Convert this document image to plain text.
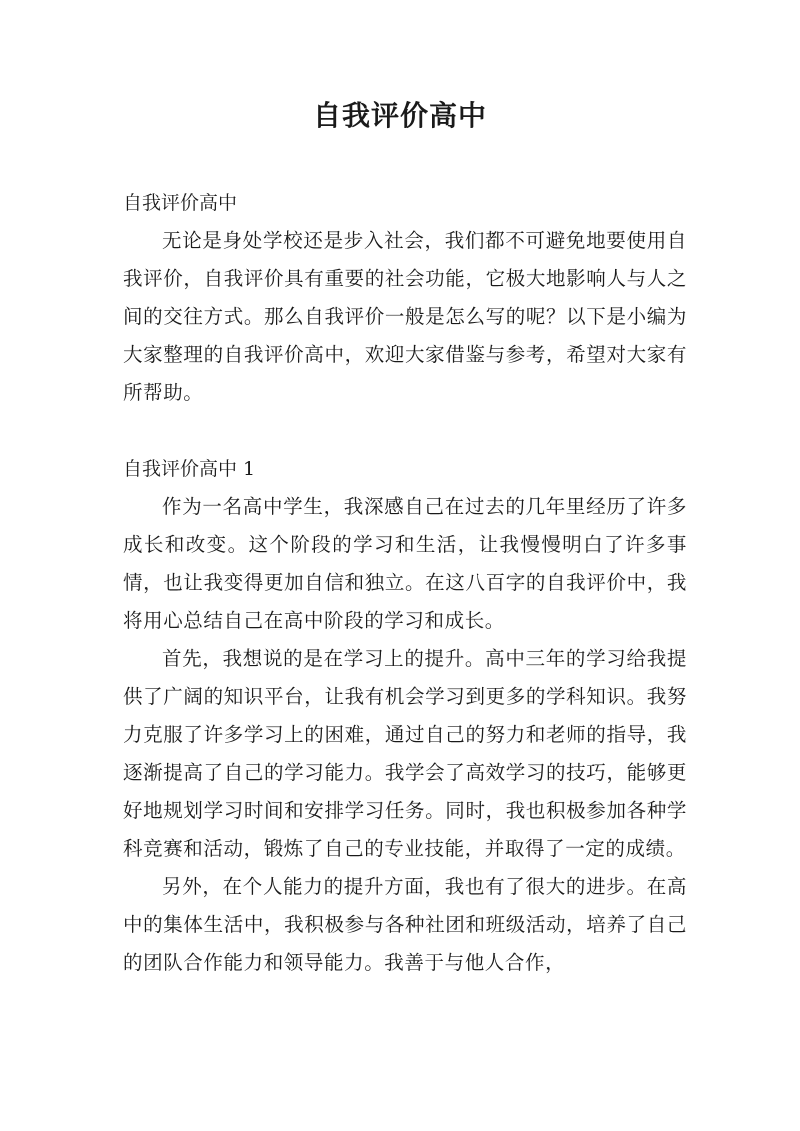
自我评价高中

自我评价高中

无论是身处学校还是步入社会，我们都不可避免地要使用自我评价，自我评价具有重要的社会功能，它极大地影响人与人之间的交往方式。那么自我评价一般是怎么写的呢？以下是小编为大家整理的自我评价高中，欢迎大家借鉴与参考，希望对大家有所帮助。

自我评价高中 1

作为一名高中学生，我深感自己在过去的几年里经历了许多成长和改变。这个阶段的学习和生活，让我慢慢明白了许多事情，也让我变得更加自信和独立。在这八百字的自我评价中，我将用心总结自己在高中阶段的学习和成长。

首先，我想说的是在学习上的提升。高中三年的学习给我提供了广阔的知识平台，让我有机会学习到更多的学科知识。我努力克服了许多学习上的困难，通过自己的努力和老师的指导，我逐渐提高了自己的学习能力。我学会了高效学习的技巧，能够更好地规划学习时间和安排学习任务。同时，我也积极参加各种学科竞赛和活动，锻炼了自己的专业技能，并取得了一定的成绩。

另外，在个人能力的提升方面，我也有了很大的进步。在高中的集体生活中，我积极参与各种社团和班级活动，培养了自己的团队合作能力和领导能力。我善于与他人合作，
